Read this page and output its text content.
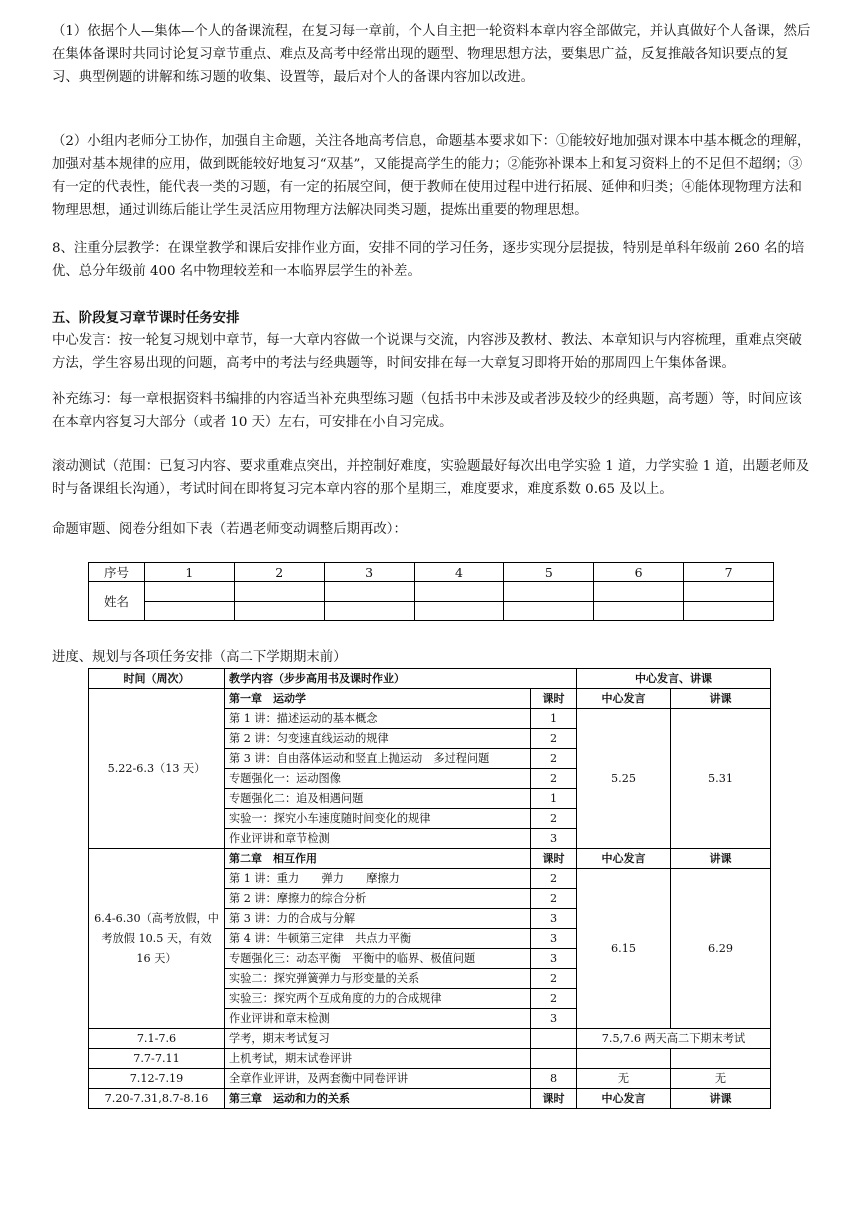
（1）依据个人—集体—个人的备课流程，在复习每一章前，个人自主把一轮资料本章内容全部做完，并认真做好个人备课，然后在集体备课时共同讨论复习章节重点、难点及高考中经常出现的题型、物理思想方法，要集思广益，反复推敲各知识要点的复习、典型例题的讲解和练习题的收集、设置等，最后对个人的备课内容加以改进。

（2）小组内老师分工协作，加强自主命题，关注各地高考信息，命题基本要求如下：①能较好地加强对课本中基本概念的理解，加强对基本规律的应用，做到既能较好地复习“双基”，又能提高学生的能力；②能弥补课本上和复习资料上的不足但不超纲；③有一定的代表性，能代表一类的习题，有一定的拓展空间，便于教师在使用过程中进行拓展、延伸和归类；④能体现物理方法和物理思想，通过训练后能让学生灵活应用物理方法解决同类习题，提炼出重要的物理思想。

8、注重分层教学：在课堂教学和课后安排作业方面，安排不同的学习任务，逐步实现分层提拔，特别是单科年级前 260 名的培优、总分年级前 400 名中物理较差和一本临界层学生的补差。

五、阶段复习章节课时任务安排

中心发言：按一轮复习规划中章节，每一大章内容做一个说课与交流，内容涉及教材、教法、本章知识与内容梳理，重难点突破方法，学生容易出现的问题，高考中的考法与经典题等，时间安排在每一大章复习即将开始的那周四上午集体备课。

补充练习：每一章根据资料书编排的内容适当补充典型练习题（包括书中未涉及或者涉及较少的经典题，高考题）等，时间应该在本章内容复习大部分（或者 10 天）左右，可安排在小自习完成。

滚动测试（范围：已复习内容、要求重难点突出，并控制好难度，实验题最好每次出电学实验 1 道，力学实验 1 道，出题老师及时与备课组长沟通），考试时间在即将复习完本章内容的那个星期三，难度要求，难度系数 0.65 及以上。

命题审题、阅卷分组如下表（若遇老师变动调整后期再改）：

序号	1	2	3	4	5	6	7
姓名							

进度、规划与各项任务安排（高二下学期期末前）

时间（周次）	教学内容（步步高用书及课时作业）		中心发言、讲课	
5.22-6.3（13 天）	第一章　运动学	课时	中心发言	讲课
	第 1 讲：描述运动的基本概念	1	5.25	5.31
	第 2 讲：匀变速直线运动的规律	2		
	第 3 讲：自由落体运动和竖直上抛运动　多过程问题	2		
	专题强化一：运动图像	2		
	专题强化二：追及相遇问题	1		
	实验一：探究小车速度随时间变化的规律	2		
	作业评讲和章节检测	3		
6.4-6.30（高考放假，中考放假 10.5 天，有效 16 天）	第二章　相互作用	课时	中心发言	讲课
	第 1 讲：重力　　弹力　　摩擦力	2	6.15	6.29
	第 2 讲：摩擦力的综合分析	2		
	第 3 讲：力的合成与分解	3		
	第 4 讲：牛顿第三定律　共点力平衡	3		
	专题强化三：动态平衡　平衡中的临界、极值问题	3		
	实验二：探究弹簧弹力与形变量的关系	2		
	实验三：探究两个互成角度的力的合成规律	2		
	作业评讲和章末检测	3		
7.1-7.6	学考，期末考试复习		7.5,7.6 两天高二下期末考试	
7.7-7.11	上机考试，期末试卷评讲			
7.12-7.19	全章作业评讲，及两套衡中同卷评讲	8	无	无
7.20-7.31,8.7-8.16	第三章　运动和力的关系	课时	中心发言	讲课
